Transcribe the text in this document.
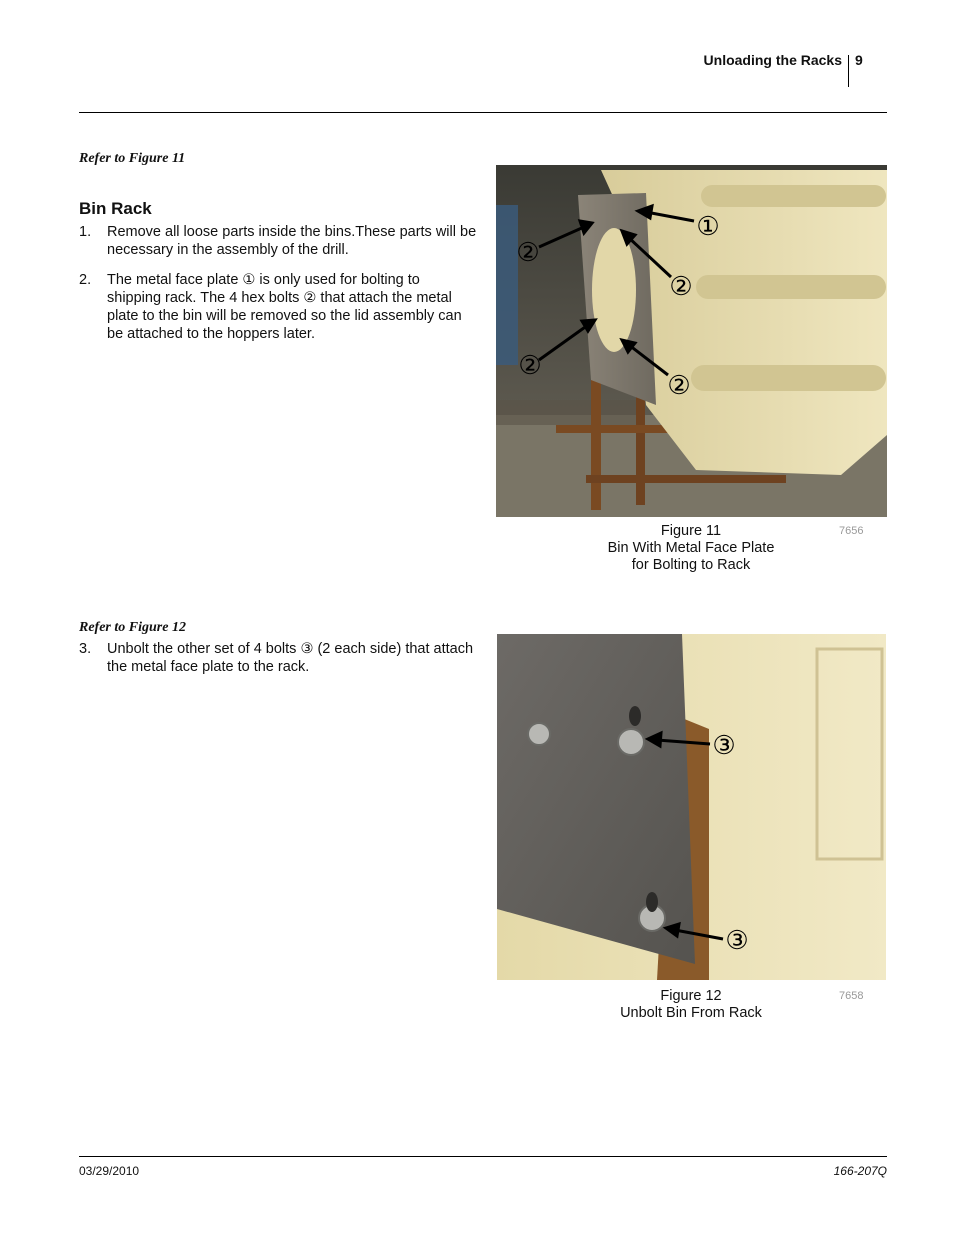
Unloading the Racks 9
Refer to Figure 11
Bin Rack
1. Remove all loose parts inside the bins.These parts will be necessary in the assembly of the drill.
2. The metal face plate ① is only used for bolting to shipping rack. The 4 hex bolts ② that attach the metal plate to the bin will be removed so the lid assembly can be attached to the hoppers later.
①
②
②
②
②
Figure 11
Bin With Metal Face Plate
for Bolting to Rack
7656
Refer to Figure 12
3. Unbolt the other set of 4 bolts ③ (2 each side) that attach the metal face plate to the rack.
③
③
Figure 12
Unbolt Bin From Rack
7658
03/29/2010	166-207Q
